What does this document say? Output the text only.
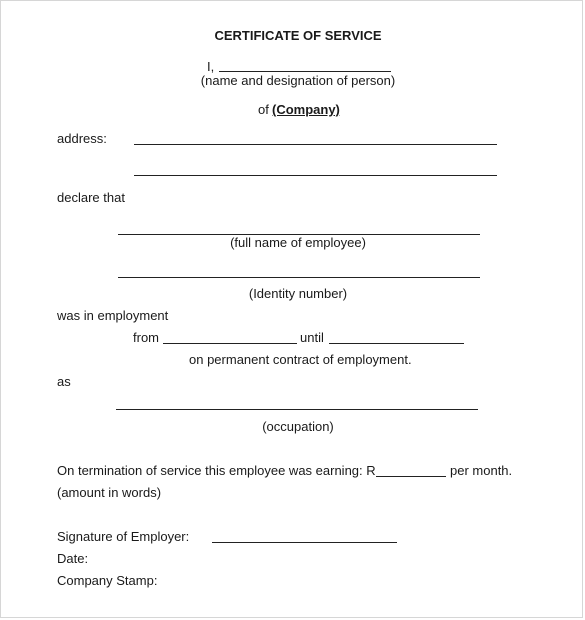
CERTIFICATE OF SERVICE
I,
(name and designation of person)
of (Company)
address:
declare that
(full name of employee)
(Identity number)
was in employment
from	until
on permanent contract of employment.
as
(occupation)
On termination of service this employee was earning: R	per month.
(amount in words)
Signature of Employer:
Date:
Company Stamp:
